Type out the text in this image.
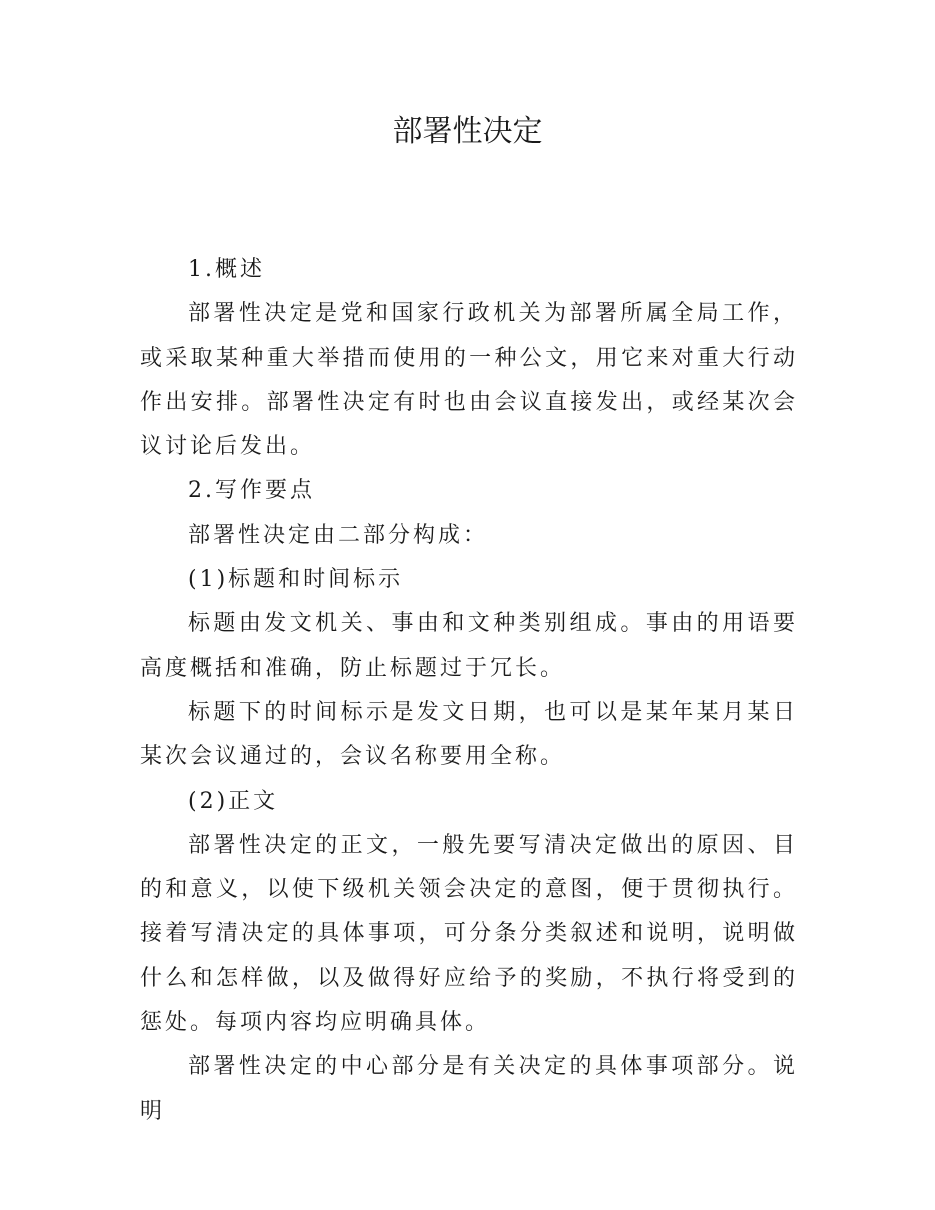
部署性决定

1.概述

部署性决定是党和国家行政机关为部署所属全局工作，或采取某种重大举措而使用的一种公文，用它来对重大行动作出安排。部署性决定有时也由会议直接发出，或经某次会议讨论后发出。

2.写作要点

部署性决定由二部分构成：

(1)标题和时间标示

标题由发文机关、事由和文种类别组成。事由的用语要高度概括和准确，防止标题过于冗长。

标题下的时间标示是发文日期，也可以是某年某月某日某次会议通过的，会议名称要用全称。

(2)正文

部署性决定的正文，一般先要写清决定做出的原因、目的和意义，以使下级机关领会决定的意图，便于贯彻执行。接着写清决定的具体事项，可分条分类叙述和说明，说明做什么和怎样做，以及做得好应给予的奖励，不执行将受到的惩处。每项内容均应明确具体。

部署性决定的中心部分是有关决定的具体事项部分。说明
